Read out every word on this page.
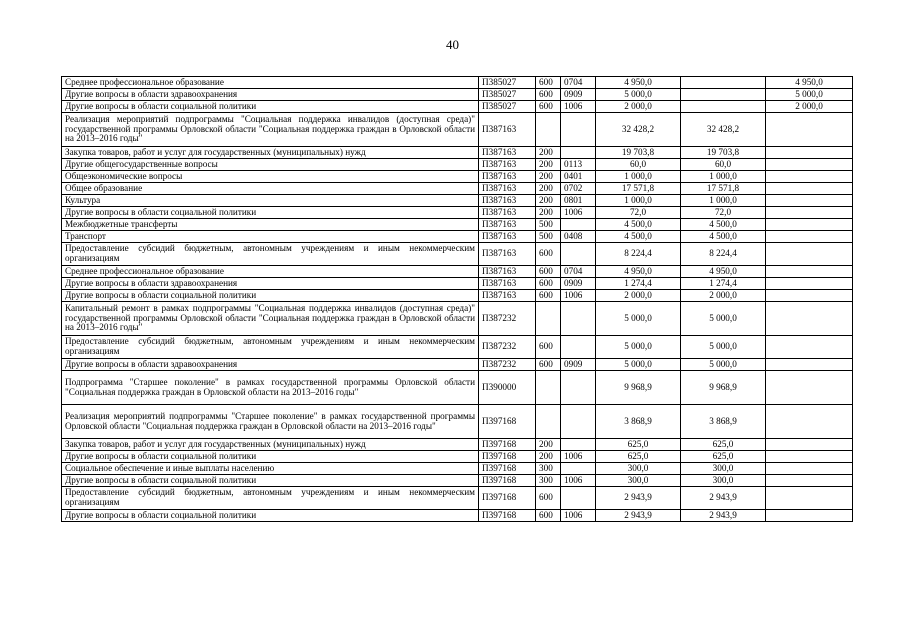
40
Среднее профессиональное образование	П385027	600	0704	4 950,0		4 950,0
Другие вопросы в области здравоохранения	П385027	600	0909	5 000,0		5 000,0
Другие вопросы в области социальной политики	П385027	600	1006	2 000,0		2 000,0
Реализация мероприятий подпрограммы "Социальная поддержка инвалидов (доступная среда)" государственной программы Орловской области "Социальная поддержка граждан в Орловской области на 2013–2016 годы"	П387163			32 428,2	32 428,2	
Закупка товаров, работ и услуг для государственных (муниципальных) нужд	П387163	200		19 703,8	19 703,8	
Другие общегосударственные вопросы	П387163	200	0113	60,0	60,0	
Общеэкономические вопросы	П387163	200	0401	1 000,0	1 000,0	
Общее образование	П387163	200	0702	17 571,8	17 571,8	
Культура	П387163	200	0801	1 000,0	1 000,0	
Другие вопросы в области социальной политики	П387163	200	1006	72,0	72,0	
Межбюджетные трансферты	П387163	500		4 500,0	4 500,0	
Транспорт	П387163	500	0408	4 500,0	4 500,0	
Предоставление субсидий бюджетным, автономным учреждениям и иным некоммерческим организациям	П387163	600		8 224,4	8 224,4	
Среднее профессиональное образование	П387163	600	0704	4 950,0	4 950,0	
Другие вопросы в области здравоохранения	П387163	600	0909	1 274,4	1 274,4	
Другие вопросы в области социальной политики	П387163	600	1006	2 000,0	2 000,0	
Капитальный ремонт в рамках подпрограммы "Социальная поддержка инвалидов (доступная среда)" государственной программы Орловской области "Социальная поддержка граждан в Орловской области на 2013–2016 годы"	П387232			5 000,0	5 000,0	
Предоставление субсидий бюджетным, автономным учреждениям и иным некоммерческим организациям	П387232	600		5 000,0	5 000,0	
Другие вопросы в области здравоохранения	П387232	600	0909	5 000,0	5 000,0	
Подпрограмма "Старшее поколение" в рамках государственной программы Орловской области "Социальная поддержка граждан в Орловской области на 2013–2016 годы"	П390000			9 968,9	9 968,9	
Реализация мероприятий подпрограммы "Старшее поколение" в рамках государственной программы Орловской области "Социальная поддержка граждан в Орловской области на 2013–2016 годы"	П397168			3 868,9	3 868,9	
Закупка товаров, работ и услуг для государственных (муниципальных) нужд	П397168	200		625,0	625,0	
Другие вопросы в области социальной политики	П397168	200	1006	625,0	625,0	
Социальное обеспечение и иные выплаты населению	П397168	300		300,0	300,0	
Другие вопросы в области социальной политики	П397168	300	1006	300,0	300,0	
Предоставление субсидий бюджетным, автономным учреждениям и иным некоммерческим организациям	П397168	600		2 943,9	2 943,9	
Другие вопросы в области социальной политики	П397168	600	1006	2 943,9	2 943,9	
